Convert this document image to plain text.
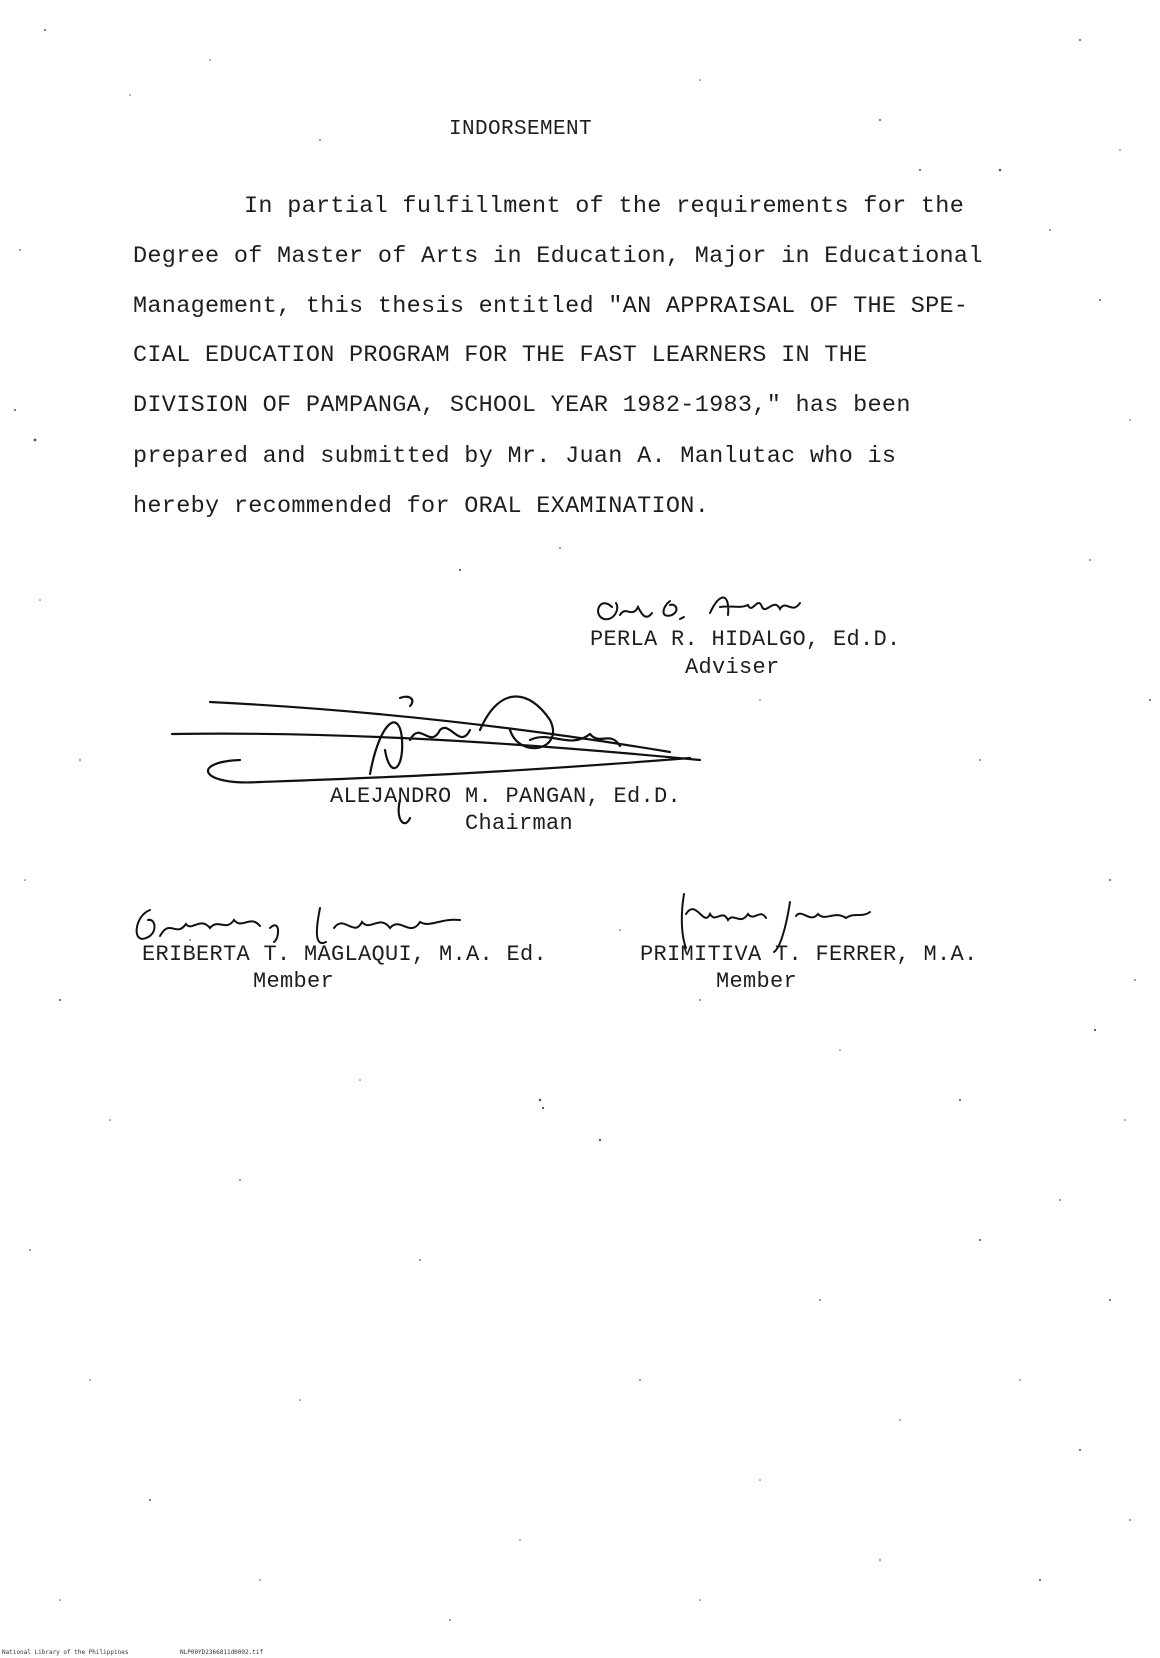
INDORSEMENT
In partial fulfillment of the requirements for the
Degree of Master of Arts in Education, Major in Educational
Management, this thesis entitled "AN APPRAISAL OF THE SPE-
CIAL EDUCATION PROGRAM FOR THE FAST LEARNERS IN THE
DIVISION OF PAMPANGA, SCHOOL YEAR 1982-1983," has been
prepared and submitted by Mr. Juan A. Manlutac who is
hereby recommended for ORAL EXAMINATION.
PERLA R. HIDALGO, Ed.D.
Adviser
ALEJANDRO M. PANGAN, Ed.D.
Chairman
ERIBERTA T. MAGLAQUI, M.A. Ed.
Member
PRIMITIVA T. FERRER, M.A.
Member
National Library of the Philippines	NLP00YD2366811d0002.tif
